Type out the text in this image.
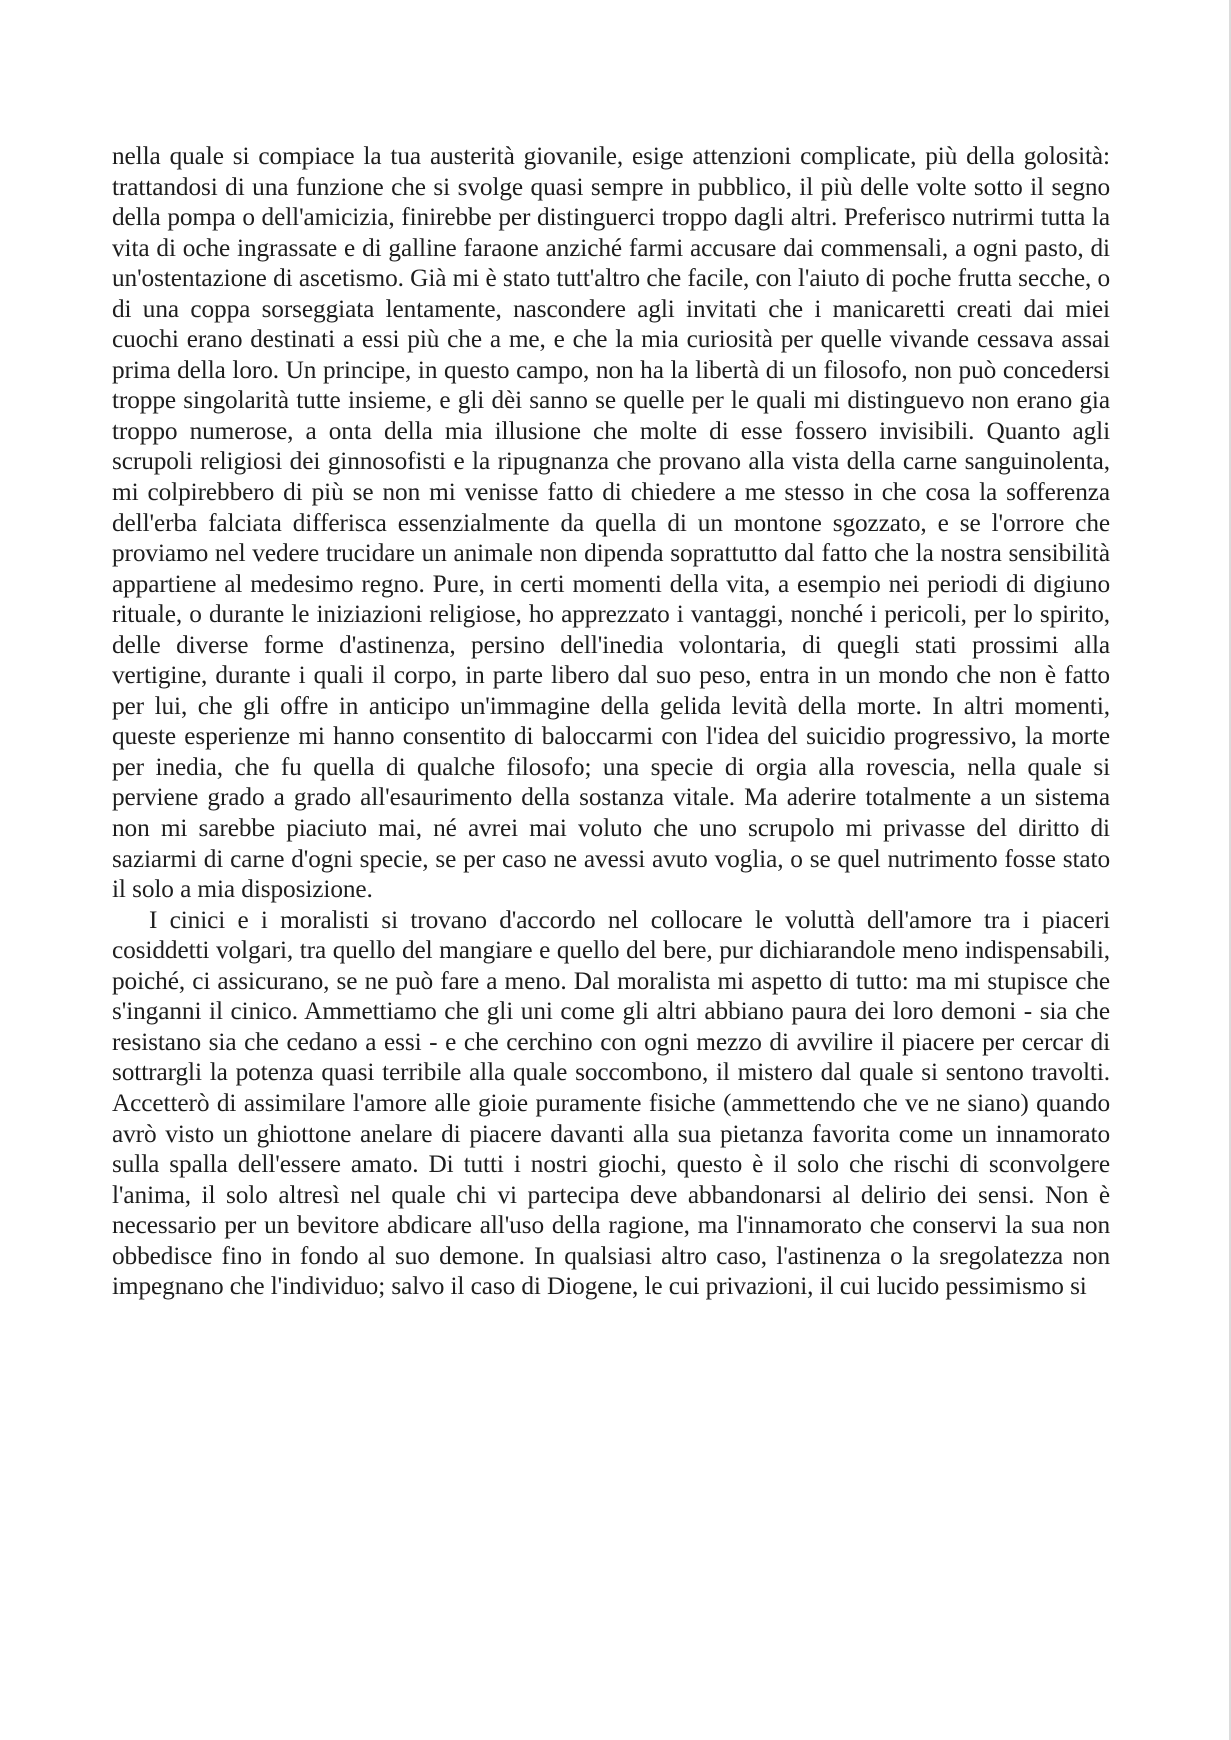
nella quale si compiace la tua austerità giovanile, esige attenzioni complicate, più della golosità: trattandosi di una funzione che si svolge quasi sempre in pubblico, il più delle volte sotto il segno della pompa o dell'amicizia, finirebbe per distinguerci troppo dagli altri. Preferisco nutrirmi tutta la vita di oche ingrassate e di galline faraone anziché farmi accusare dai commensali, a ogni pasto, di un'ostentazione di ascetismo. Già mi è stato tutt'altro che facile, con l'aiuto di poche frutta secche, o di una coppa sorseggiata lentamente, nascondere agli invitati che i manicaretti creati dai miei cuochi erano destinati a essi più che a me, e che la mia curiosità per quelle vivande cessava assai prima della loro. Un principe, in questo campo, non ha la libertà di un filosofo, non può concedersi troppe singolarità tutte insieme, e gli dèi sanno se quelle per le quali mi distinguevo non erano gia troppo numerose, a onta della mia illusione che molte di esse fossero invisibili. Quanto agli scrupoli religiosi dei ginnosofisti e la ripugnanza che provano alla vista della carne sanguinolenta, mi colpirebbero di più se non mi venisse fatto di chiedere a me stesso in che cosa la sofferenza dell'erba falciata differisca essenzialmente da quella di un montone sgozzato, e se l'orrore che proviamo nel vedere trucidare un animale non dipenda soprattutto dal fatto che la nostra sensibilità appartiene al medesimo regno. Pure, in certi momenti della vita, a esempio nei periodi di digiuno rituale, o durante le iniziazioni religiose, ho apprezzato i vantaggi, nonché i pericoli, per lo spirito, delle diverse forme d'astinenza, persino dell'inedia volontaria, di quegli stati prossimi alla vertigine, durante i quali il corpo, in parte libero dal suo peso, entra in un mondo che non è fatto per lui, che gli offre in anticipo un'immagine della gelida levità della morte. In altri momenti, queste esperienze mi hanno consentito di baloccarmi con l'idea del suicidio progressivo, la morte per inedia, che fu quella di qualche filosofo; una specie di orgia alla rovescia, nella quale si perviene grado a grado all'esaurimento della sostanza vitale. Ma aderire totalmente a un sistema non mi sarebbe piaciuto mai, né avrei mai voluto che uno scrupolo mi privasse del diritto di saziarmi di carne d'ogni specie, se per caso ne avessi avuto voglia, o se quel nutrimento fosse stato il solo a mia disposizione.

I cinici e i moralisti si trovano d'accordo nel collocare le voluttà dell'amore tra i piaceri cosiddetti volgari, tra quello del mangiare e quello del bere, pur dichiarandole meno indispensabili, poiché, ci assicurano, se ne può fare a meno. Dal moralista mi aspetto di tutto: ma mi stupisce che s'inganni il cinico. Ammettiamo che gli uni come gli altri abbiano paura dei loro demoni - sia che resistano sia che cedano a essi - e che cerchino con ogni mezzo di avvilire il piacere per cercar di sottrargli la potenza quasi terribile alla quale soccombono, il mistero dal quale si sentono travolti. Accetterò di assimilare l'amore alle gioie puramente fisiche (ammettendo che ve ne siano) quando avrò visto un ghiottone anelare di piacere davanti alla sua pietanza favorita come un innamorato sulla spalla dell'essere amato. Di tutti i nostri giochi, questo è il solo che rischi di sconvolgere l'anima, il solo altresì nel quale chi vi partecipa deve abbandonarsi al delirio dei sensi. Non è necessario per un bevitore abdicare all'uso della ragione, ma l'innamorato che conservi la sua non obbedisce fino in fondo al suo demone. In qualsiasi altro caso, l'astinenza o la sregolatezza non impegnano che l'individuo; salvo il caso di Diogene, le cui privazioni, il cui lucido pessimismo si
